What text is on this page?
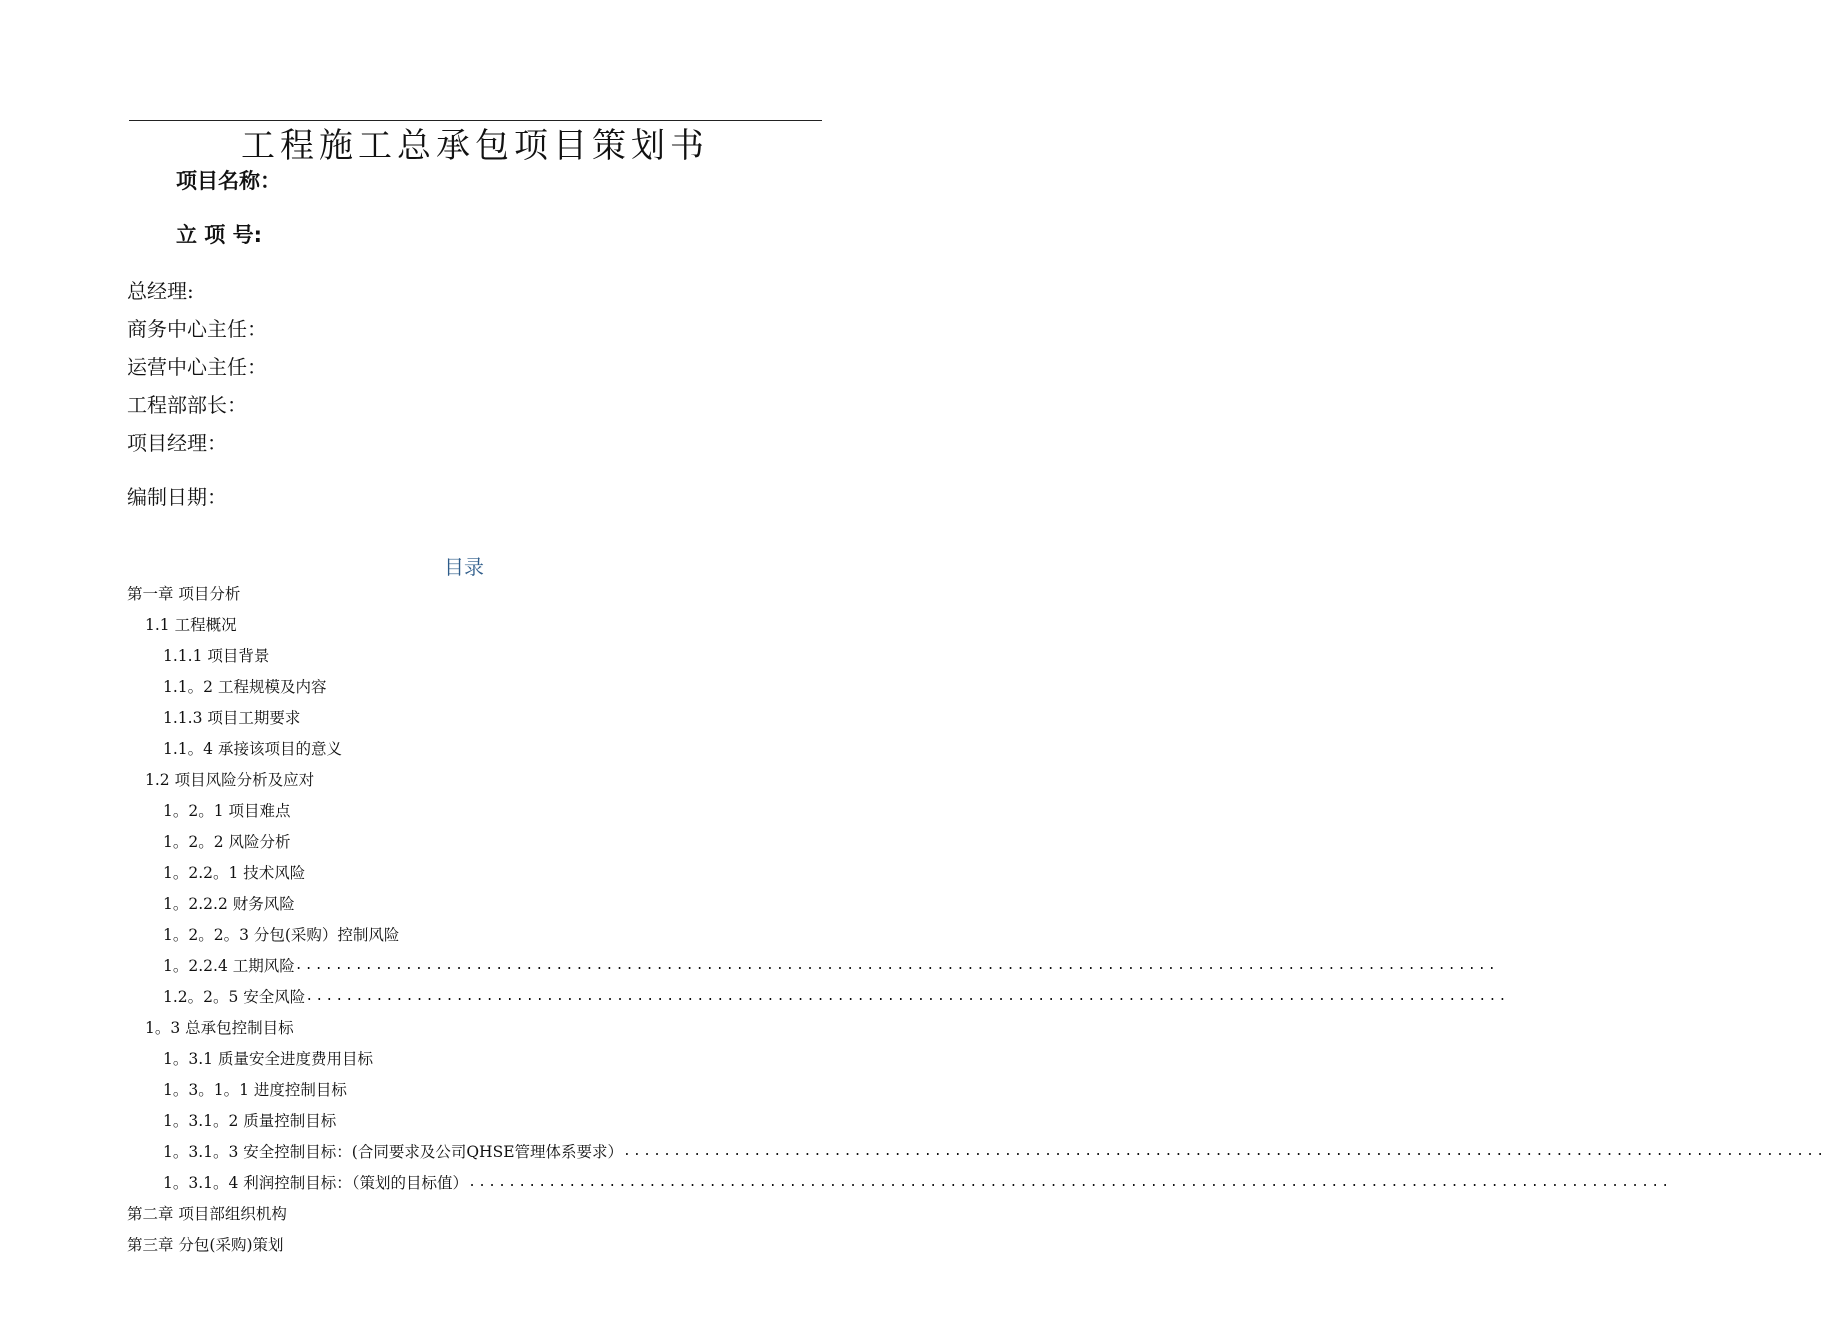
工程施工总承包项目策划书
项目名称：
立 项 号:
总经理:
商务中心主任：
运营中心主任：
工程部部长：
项目经理：
编制日期：
目录
第一章 项目分析
1.1 工程概况
1.1.1 项目背景
1.1。2 工程规模及内容
1.1.3 项目工期要求
1.1。4 承接该项目的意义
1.2 项目风险分析及应对
1。2。1 项目难点
1。2。2 风险分析
1。2.2。1 技术风险
1。2.2.2 财务风险
1。2。2。3 分包(采购）控制风险
1。2.2.4 工期风险 ........................................................................................................................
1.2。2。5 安全风险 ........................................................................................................................
1。3 总承包控制目标
1。3.1 质量安全进度费用目标
1。3。1。1 进度控制目标
1。3.1。2 质量控制目标
1。3.1。3 安全控制目标：(合同要求及公司QHSE管理体系要求） ........................................................................................................................
1。3.1。4 利润控制目标：（策划的目标值） ........................................................................................................................
第二章 项目部组织机构
第三章 分包(采购)策划
